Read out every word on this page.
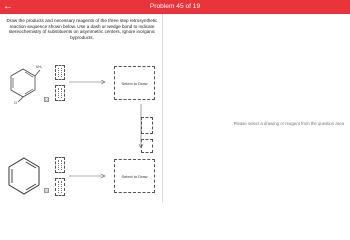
←	Problem 45 of 19
Draw the products and necessary reagents of the three step retrosynthetic reaction sequence shown below. Use a dash or wedge bond to indicate stereochemistry of substituents on asymmetric centers, Ignore inorganic byproducts.
NH₂
Cl
Ω
Select to Draw
Ω
Select to Draw
Please select a drawing or reagent from the question area
